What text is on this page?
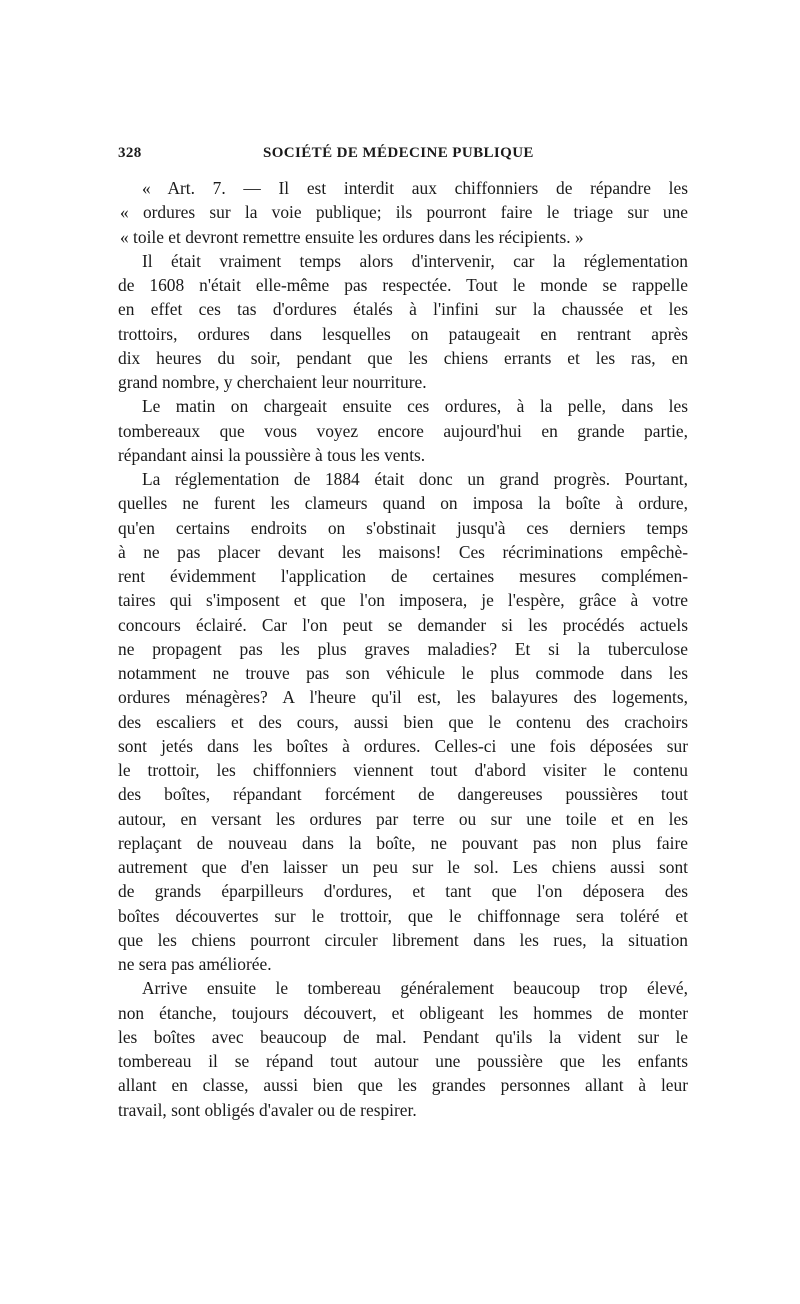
328	SOCIÉTÉ DE MÉDECINE PUBLIQUE
« Art. 7. — Il est interdit aux chiffonniers de répandre les
« ordures sur la voie publique; ils pourront faire le triage sur une
« toile et devront remettre ensuite les ordures dans les récipients. »
Il était vraiment temps alors d'intervenir, car la réglementation
de 1608 n'était elle-même pas respectée. Tout le monde se rappelle
en effet ces tas d'ordures étalés à l'infini sur la chaussée et les
trottoirs, ordures dans lesquelles on pataugeait en rentrant après
dix heures du soir, pendant que les chiens errants et les ras, en
grand nombre, y cherchaient leur nourriture.
Le matin on chargeait ensuite ces ordures, à la pelle, dans les
tombereaux que vous voyez encore aujourd'hui en grande partie,
répandant ainsi la poussière à tous les vents.
La réglementation de 1884 était donc un grand progrès. Pourtant,
quelles ne furent les clameurs quand on imposa la boîte à ordure,
qu'en certains endroits on s'obstinait jusqu'à ces derniers temps
à ne pas placer devant les maisons! Ces récriminations empêchè-
rent évidemment l'application de certaines mesures complémen-
taires qui s'imposent et que l'on imposera, je l'espère, grâce à votre
concours éclairé. Car l'on peut se demander si les procédés actuels
ne propagent pas les plus graves maladies? Et si la tuberculose
notamment ne trouve pas son véhicule le plus commode dans les
ordures ménagères? A l'heure qu'il est, les balayures des logements,
des escaliers et des cours, aussi bien que le contenu des crachoirs
sont jetés dans les boîtes à ordures. Celles-ci une fois déposées sur
le trottoir, les chiffonniers viennent tout d'abord visiter le contenu
des boîtes, répandant forcément de dangereuses poussières tout
autour, en versant les ordures par terre ou sur une toile et en les
replaçant de nouveau dans la boîte, ne pouvant pas non plus faire
autrement que d'en laisser un peu sur le sol. Les chiens aussi sont
de grands éparpilleurs d'ordures, et tant que l'on déposera des
boîtes découvertes sur le trottoir, que le chiffonnage sera toléré et
que les chiens pourront circuler librement dans les rues, la situation
ne sera pas améliorée.
Arrive ensuite le tombereau généralement beaucoup trop élevé,
non étanche, toujours découvert, et obligeant les hommes de monter
les boîtes avec beaucoup de mal. Pendant qu'ils la vident sur le
tombereau il se répand tout autour une poussière que les enfants
allant en classe, aussi bien que les grandes personnes allant à leur
travail, sont obligés d'avaler ou de respirer.
